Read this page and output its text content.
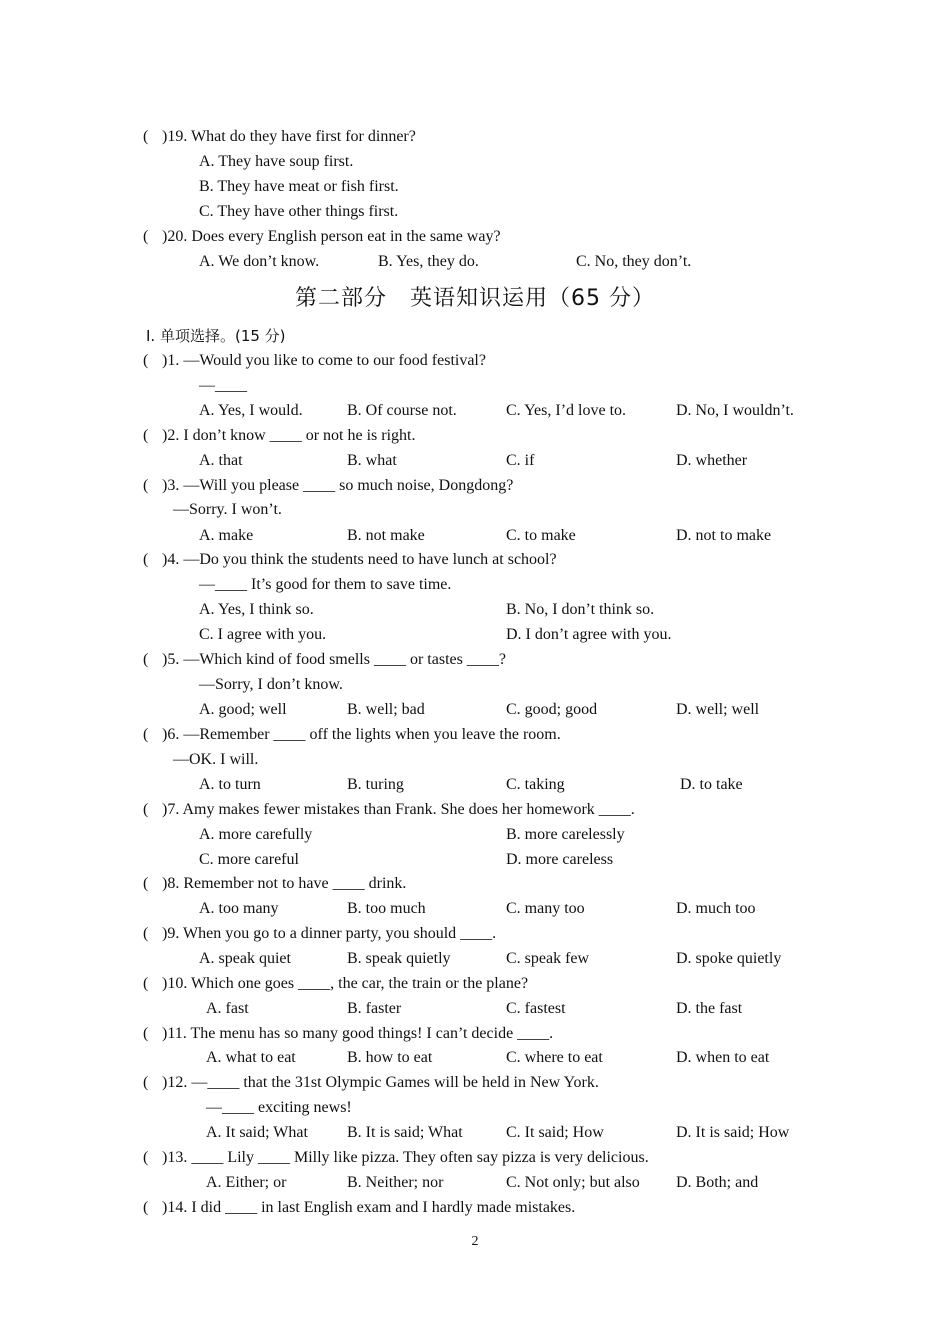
( )19. What do they have first for dinner?
A. They have soup first.
B. They have meat or fish first.
C. They have other things first.
( )20. Does every English person eat in the same way?
A. We don’t know.	B. Yes, they do.	C. No, they don’t.
第二部分　英语知识运用（65 分）
Ⅰ. 单项选择。(15 分)
( )1. —Would you like to come to our food festival?
—____
A. Yes, I would.	B. Of course not.	C. Yes, I’d love to.	D. No, I wouldn’t.
( )2. I don’t know ____ or not he is right.
A. that	B. what	C. if	D. whether
( )3. —Will you please ____ so much noise, Dongdong?
—Sorry. I won’t.
A. make	B. not make	C. to make	D. not to make
( )4. —Do you think the students need to have lunch at school?
—____ It’s good for them to save time.
A. Yes, I think so.	B. No, I don’t think so.
C. I agree with you.	D. I don’t agree with you.
( )5. —Which kind of food smells ____ or tastes ____?
—Sorry, I don’t know.
A. good; well	B. well; bad	C. good; good	D. well; well
( )6. —Remember ____ off the lights when you leave the room.
—OK. I will.
A. to turn	B. turing	C. taking	D. to take
( )7. Amy makes fewer mistakes than Frank. She does her homework ____.
A. more carefully	B. more carelessly
C. more careful	D. more careless
( )8. Remember not to have ____ drink.
A. too many	B. too much	C. many too	D. much too
( )9. When you go to a dinner party, you should ____.
A. speak quiet	B. speak quietly	C. speak few	D. spoke quietly
( )10. Which one goes ____, the car, the train or the plane?
A. fast	B. faster	C. fastest	D. the fast
( )11. The menu has so many good things! I can’t decide ____.
A. what to eat	B. how to eat	C. where to eat	D. when to eat
( )12. —____ that the 31st Olympic Games will be held in New York.
—____ exciting news!
A. It said; What B. It is said; What	C. It said; How	D. It is said; How
( )13. ____ Lily ____ Milly like pizza. They often say pizza is very delicious.
A. Either; or	B. Neither; nor	C. Not only; but also D. Both; and
( )14. I did ____ in last English exam and I hardly made mistakes.
2
